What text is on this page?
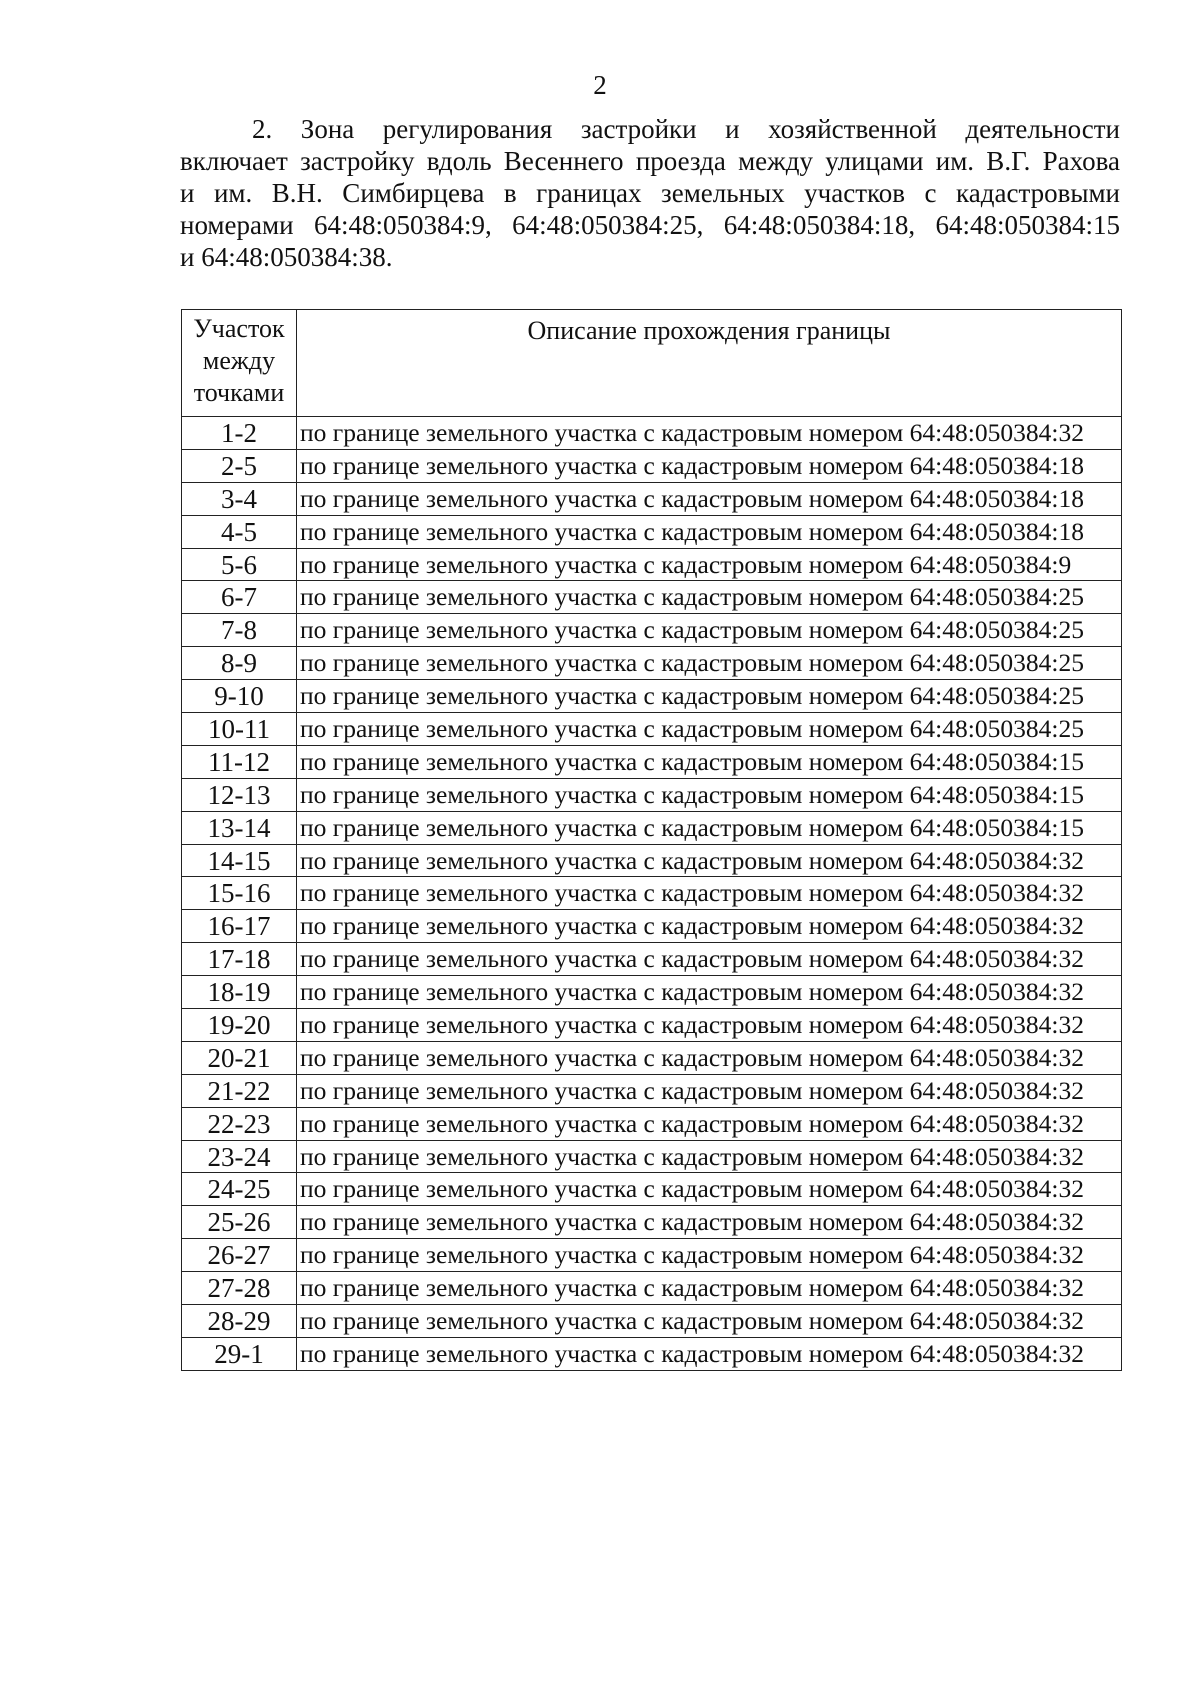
2
2. Зона регулирования застройки и хозяйственной деятельности
включает застройку вдоль Весеннего проезда между улицами им. В.Г. Рахова
и им. В.Н. Симбирцева в границах земельных участков с кадастровыми
номерами 64:48:050384:9, 64:48:050384:25, 64:48:050384:18, 64:48:050384:15
и 64:48:050384:38.
Участок
между
точками	Описание прохождения границы
1-2	по границе земельного участка с кадастровым номером 64:48:050384:32
2-5	по границе земельного участка с кадастровым номером 64:48:050384:18
3-4	по границе земельного участка с кадастровым номером 64:48:050384:18
4-5	по границе земельного участка с кадастровым номером 64:48:050384:18
5-6	по границе земельного участка с кадастровым номером 64:48:050384:9
6-7	по границе земельного участка с кадастровым номером 64:48:050384:25
7-8	по границе земельного участка с кадастровым номером 64:48:050384:25
8-9	по границе земельного участка с кадастровым номером 64:48:050384:25
9-10	по границе земельного участка с кадастровым номером 64:48:050384:25
10-11	по границе земельного участка с кадастровым номером 64:48:050384:25
11-12	по границе земельного участка с кадастровым номером 64:48:050384:15
12-13	по границе земельного участка с кадастровым номером 64:48:050384:15
13-14	по границе земельного участка с кадастровым номером 64:48:050384:15
14-15	по границе земельного участка с кадастровым номером 64:48:050384:32
15-16	по границе земельного участка с кадастровым номером 64:48:050384:32
16-17	по границе земельного участка с кадастровым номером 64:48:050384:32
17-18	по границе земельного участка с кадастровым номером 64:48:050384:32
18-19	по границе земельного участка с кадастровым номером 64:48:050384:32
19-20	по границе земельного участка с кадастровым номером 64:48:050384:32
20-21	по границе земельного участка с кадастровым номером 64:48:050384:32
21-22	по границе земельного участка с кадастровым номером 64:48:050384:32
22-23	по границе земельного участка с кадастровым номером 64:48:050384:32
23-24	по границе земельного участка с кадастровым номером 64:48:050384:32
24-25	по границе земельного участка с кадастровым номером 64:48:050384:32
25-26	по границе земельного участка с кадастровым номером 64:48:050384:32
26-27	по границе земельного участка с кадастровым номером 64:48:050384:32
27-28	по границе земельного участка с кадастровым номером 64:48:050384:32
28-29	по границе земельного участка с кадастровым номером 64:48:050384:32
29-1	по границе земельного участка с кадастровым номером 64:48:050384:32
